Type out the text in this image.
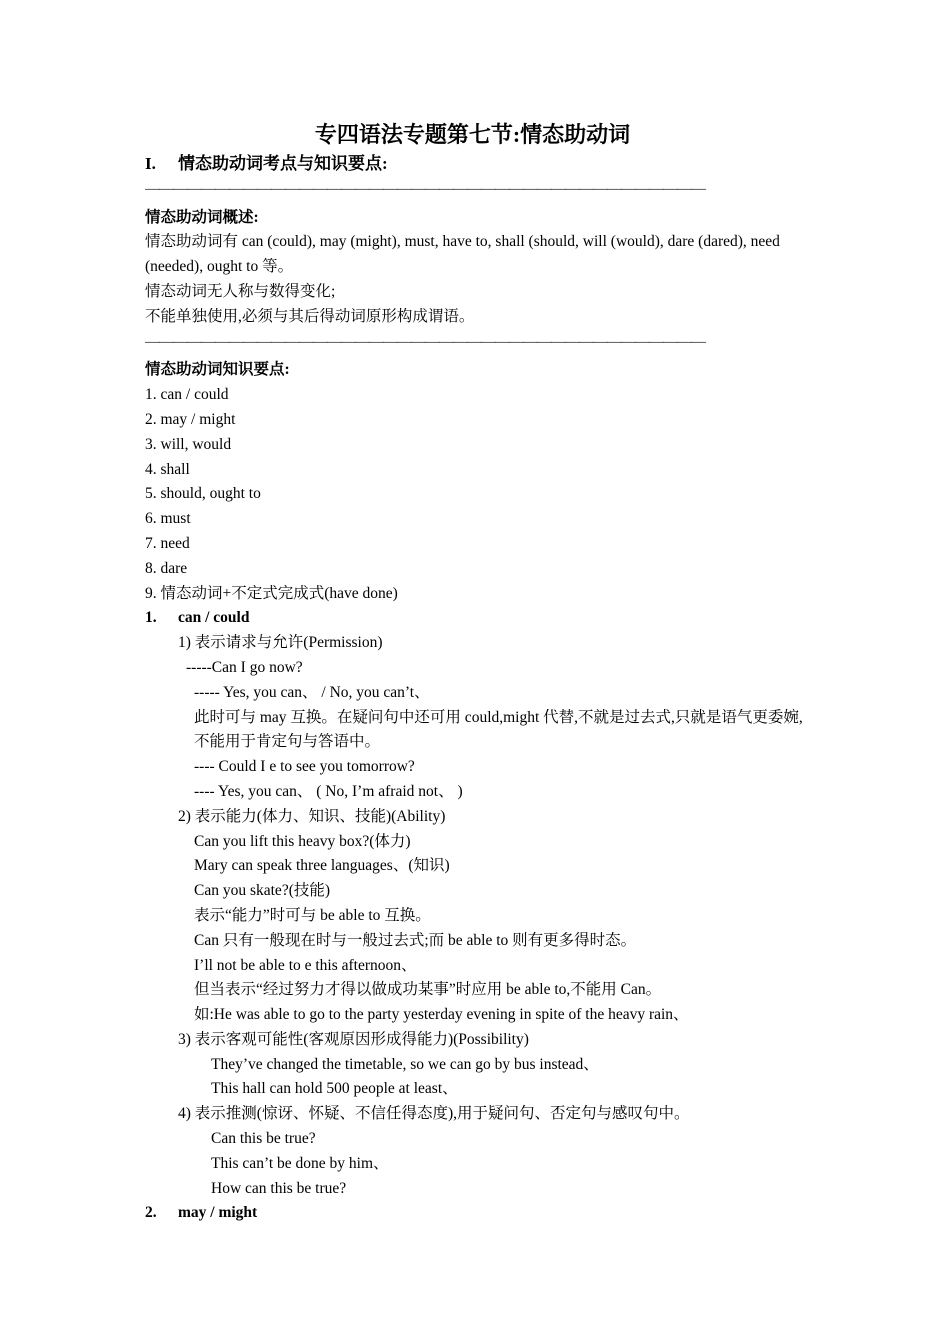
专四语法专题第七节:情态助动词
I. 情态助动词考点与知识要点:
————————————————————————————————————————
情态助动词概述:
情态助动词有 can (could), may (might), must, have to, shall (should, will (would), dare (dared), need (needed), ought to 等。
情态动词无人称与数得变化;
不能单独使用,必须与其后得动词原形构成谓语。
————————————————————————————————————————
情态助动词知识要点:
1. can / could
2. may / might
3. will, would
4. shall
5. should, ought to
6. must
7. need
8. dare
9. 情态动词+不定式完成式(have done)
1. can / could
1) 表示请求与允许(Permission)
-----Can I go now?
----- Yes, you can、 / No, you can’t、
此时可与 may 互换。在疑问句中还可用 could,might 代替,不就是过去式,只就是语气更委婉,不能用于肯定句与答语中。
---- Could I e to see you tomorrow?
---- Yes, you can、 ( No, I’m afraid not、 )
2) 表示能力(体力、知识、技能)(Ability)
Can you lift this heavy box?(体力)
Mary can speak three languages、(知识)
Can you skate?(技能)
表示“能力”时可与 be able to 互换。
Can 只有一般现在时与一般过去式;而 be able to 则有更多得时态。
I’ll not be able to e this afternoon、
但当表示“经过努力才得以做成功某事”时应用 be able to,不能用 Can。
如:He was able to go to the party yesterday evening in spite of the heavy rain、
3) 表示客观可能性(客观原因形成得能力)(Possibility)
They’ve changed the timetable, so we can go by bus instead、
This hall can hold 500 people at least、
4) 表示推测(惊讶、怀疑、不信任得态度),用于疑问句、否定句与感叹句中。
Can this be true?
This can’t be done by him、
How can this be true?
2. may / might
